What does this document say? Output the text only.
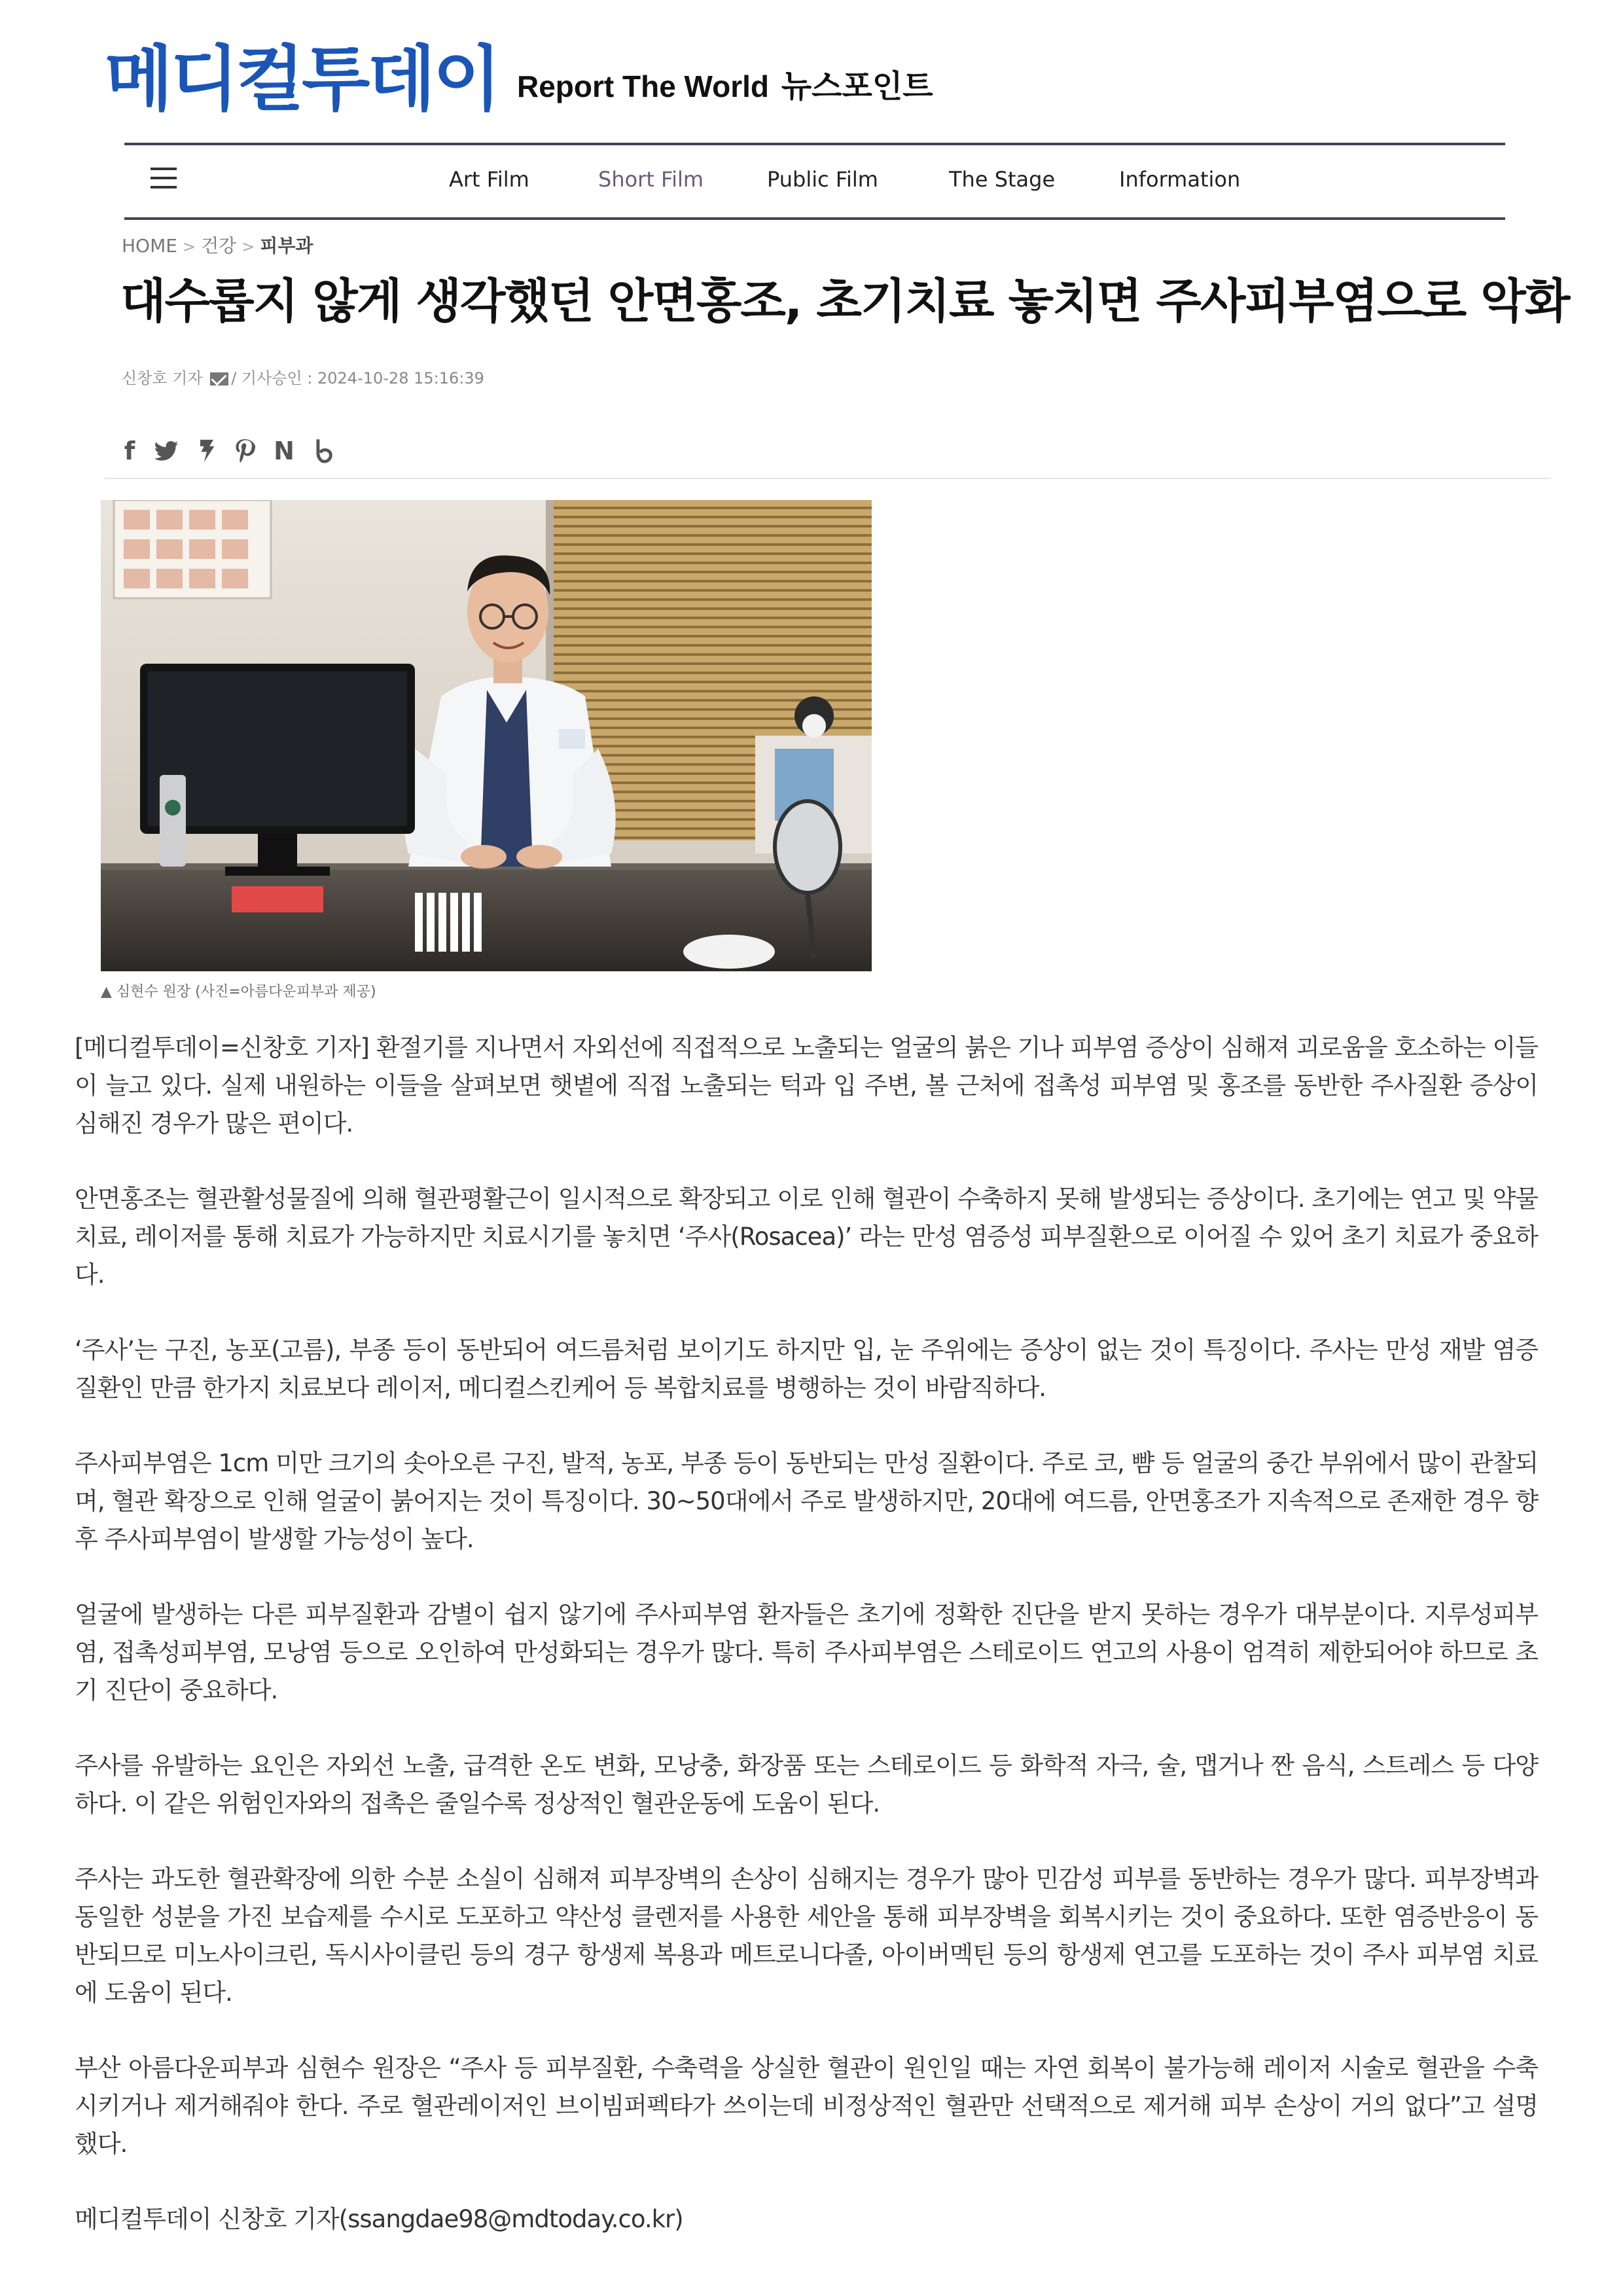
메디컬투데이 Report The World 뉴스포인트
Art Film	Short Film	Public Film	The Stage	Information
HOME > 건강 > 피부과
대수롭지 않게 생각했던 안면홍조, 초기치료 놓치면 주사피부염으로 악화
신창호 기자 / 기사승인 : 2024-10-28 15:16:39
f	N
▲ 심현수 원장 (사진=아름다운피부과 제공)

[메디컬투데이=신창호 기자] 환절기를 지나면서 자외선에 직접적으로 노출되는 얼굴의 붉은 기나 피부염 증상이 심해져 괴로움을 호소하는 이들이 늘고 있다. 실제 내원하는 이들을 살펴보면 햇볕에 직접 노출되는 턱과 입 주변, 볼 근처에 접촉성 피부염 및 홍조를 동반한 주사질환 증상이 심해진 경우가 많은 편이다.

안면홍조는 혈관활성물질에 의해 혈관평활근이 일시적으로 확장되고 이로 인해 혈관이 수축하지 못해 발생되는 증상이다. 초기에는 연고 및 약물 치료, 레이저를 통해 치료가 가능하지만 치료시기를 놓치면 ‘주사(Rosacea)’ 라는 만성 염증성 피부질환으로 이어질 수 있어 초기 치료가 중요하다.

‘주사’는 구진, 농포(고름), 부종 등이 동반되어 여드름처럼 보이기도 하지만 입, 눈 주위에는 증상이 없는 것이 특징이다. 주사는 만성 재발 염증 질환인 만큼 한가지 치료보다 레이저, 메디컬스킨케어 등 복합치료를 병행하는 것이 바람직하다.

주사피부염은 1cm 미만 크기의 솟아오른 구진, 발적, 농포, 부종 등이 동반되는 만성 질환이다. 주로 코, 뺨 등 얼굴의 중간 부위에서 많이 관찰되며, 혈관 확장으로 인해 얼굴이 붉어지는 것이 특징이다. 30~50대에서 주로 발생하지만, 20대에 여드름, 안면홍조가 지속적으로 존재한 경우 향후 주사피부염이 발생할 가능성이 높다.

얼굴에 발생하는 다른 피부질환과 감별이 쉽지 않기에 주사피부염 환자들은 초기에 정확한 진단을 받지 못하는 경우가 대부분이다. 지루성피부염, 접촉성피부염, 모낭염 등으로 오인하여 만성화되는 경우가 많다. 특히 주사피부염은 스테로이드 연고의 사용이 엄격히 제한되어야 하므로 초기 진단이 중요하다.

주사를 유발하는 요인은 자외선 노출, 급격한 온도 변화, 모낭충, 화장품 또는 스테로이드 등 화학적 자극, 술, 맵거나 짠 음식, 스트레스 등 다양하다. 이 같은 위험인자와의 접촉은 줄일수록 정상적인 혈관운동에 도움이 된다.

주사는 과도한 혈관확장에 의한 수분 소실이 심해져 피부장벽의 손상이 심해지는 경우가 많아 민감성 피부를 동반하는 경우가 많다. 피부장벽과 동일한 성분을 가진 보습제를 수시로 도포하고 약산성 클렌저를 사용한 세안을 통해 피부장벽을 회복시키는 것이 중요하다. 또한 염증반응이 동반되므로 미노사이크린, 독시사이클린 등의 경구 항생제 복용과 메트로니다졸, 아이버멕틴 등의 항생제 연고를 도포하는 것이 주사 피부염 치료에 도움이 된다.

부산 아름다운피부과 심현수 원장은 “주사 등 피부질환, 수축력을 상실한 혈관이 원인일 때는 자연 회복이 불가능해 레이저 시술로 혈관을 수축시키거나 제거해줘야 한다. 주로 혈관레이저인 브이빔퍼펙타가 쓰이는데 비정상적인 혈관만 선택적으로 제거해 피부 손상이 거의 없다”고 설명했다.

메디컬투데이 신창호 기자(ssangdae98@mdtoday.co.kr)
